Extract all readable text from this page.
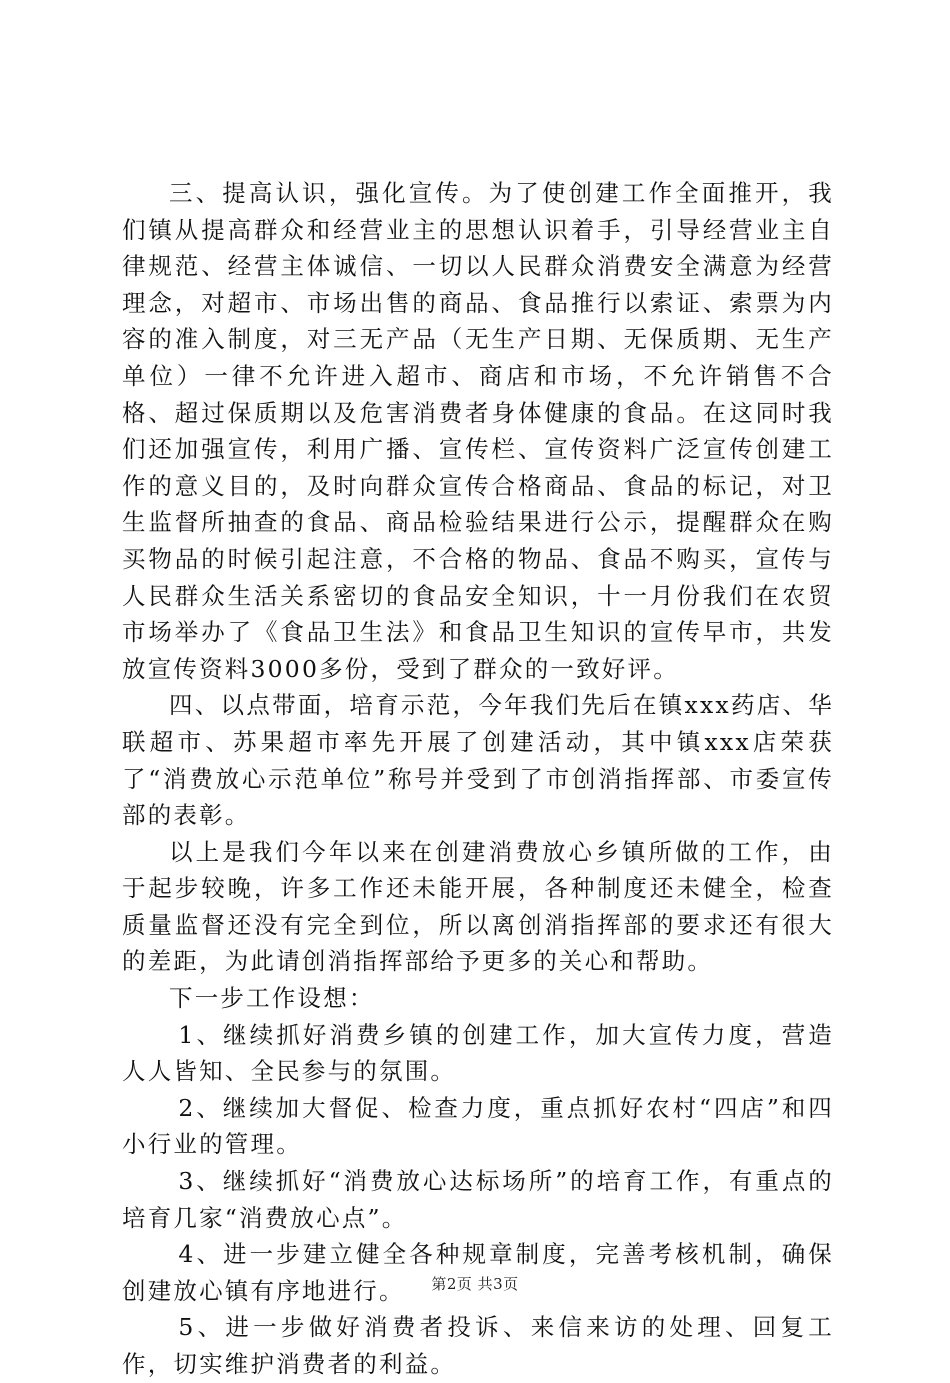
三、提高认识，强化宣传。为了使创建工作全面推开，我们镇从提高群众和经营业主的思想认识着手，引导经营业主自律规范、经营主体诚信、一切以人民群众消费安全满意为经营理念，对超市、市场出售的商品、食品推行以索证、索票为内容的准入制度，对三无产品（无生产日期、无保质期、无生产单位）一律不允许进入超市、商店和市场，不允许销售不合格、超过保质期以及危害消费者身体健康的食品。在这同时我们还加强宣传，利用广播、宣传栏、宣传资料广泛宣传创建工作的意义目的，及时向群众宣传合格商品、食品的标记，对卫生监督所抽查的食品、商品检验结果进行公示，提醒群众在购买物品的时候引起注意，不合格的物品、食品不购买，宣传与人民群众生活关系密切的食品安全知识，十一月份我们在农贸市场举办了《食品卫生法》和食品卫生知识的宣传早市，共发放宣传资料3000多份，受到了群众的一致好评。

四、以点带面，培育示范，今年我们先后在镇xxx药店、华联超市、苏果超市率先开展了创建活动，其中镇xxx店荣获了“消费放心示范单位”称号并受到了市创消指挥部、市委宣传部的表彰。

以上是我们今年以来在创建消费放心乡镇所做的工作，由于起步较晚，许多工作还未能开展，各种制度还未健全，检查质量监督还没有完全到位，所以离创消指挥部的要求还有很大的差距，为此请创消指挥部给予更多的关心和帮助。

下一步工作设想：

1、继续抓好消费乡镇的创建工作，加大宣传力度，营造人人皆知、全民参与的氛围。

2、继续加大督促、检查力度，重点抓好农村“四店”和四小行业的管理。

3、继续抓好“消费放心达标场所”的培育工作，有重点的培育几家“消费放心点”。

4、进一步建立健全各种规章制度，完善考核机制，确保创建放心镇有序地进行。

5、进一步做好消费者投诉、来信来访的处理、回复工作，切实维护消费者的利益。

第2页 共3页
